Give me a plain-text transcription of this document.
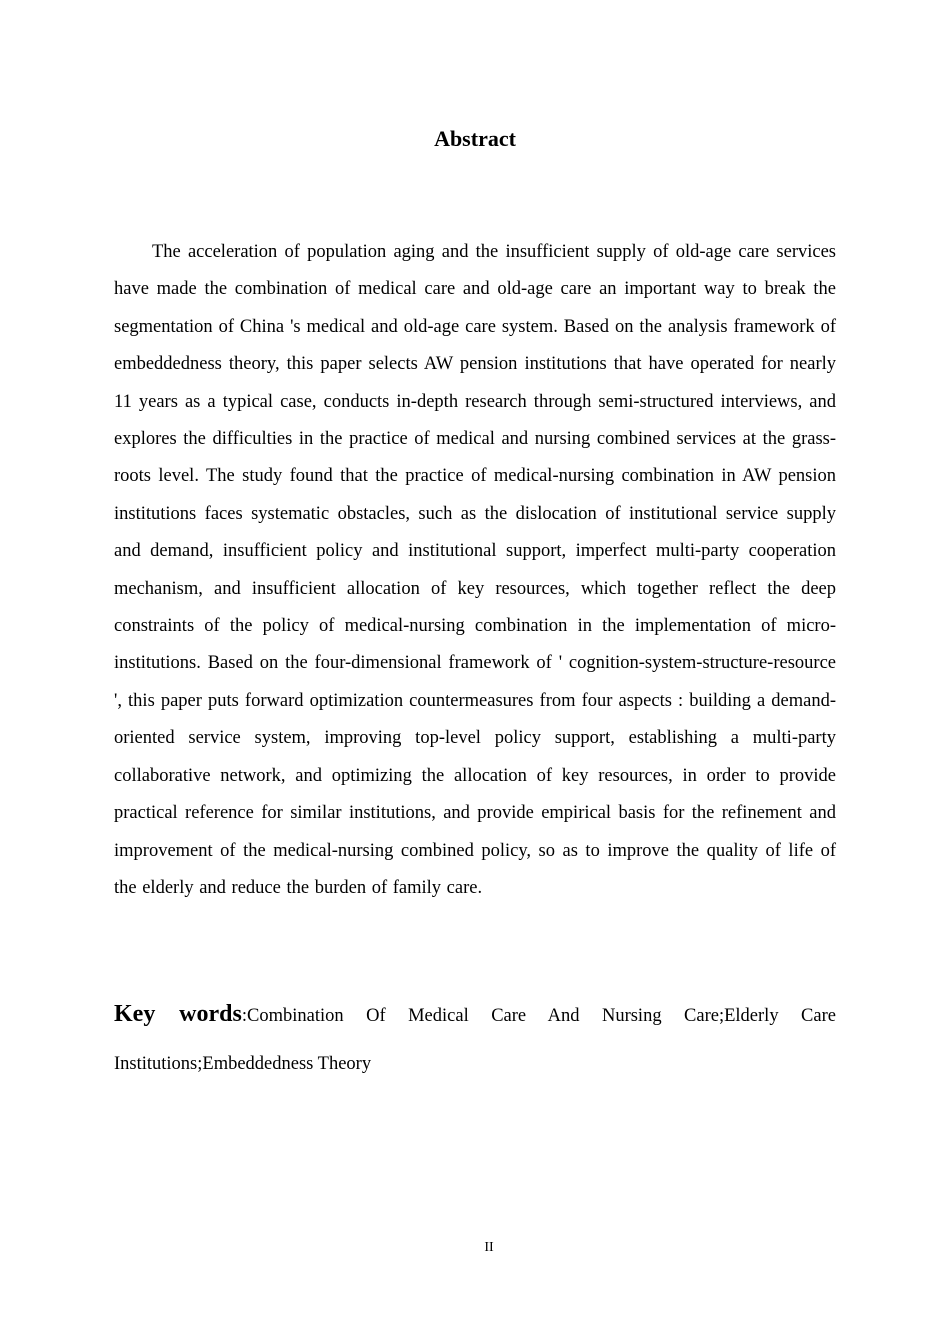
Abstract

The acceleration of population aging and the insufficient supply of old-age care services have made the combination of medical care and old-age care an important way to break the segmentation of China 's medical and old-age care system. Based on the analysis framework of embeddedness theory, this paper selects AW pension institutions that have operated for nearly 11 years as a typical case, conducts in-depth research through semi-structured interviews, and explores the difficulties in the practice of medical and nursing combined services at the grass-roots level. The study found that the practice of medical-nursing combination in AW pension institutions faces systematic obstacles, such as the dislocation of institutional service supply and demand, insufficient policy and institutional support, imperfect multi-party cooperation mechanism, and insufficient allocation of key resources, which together reflect the deep constraints of the policy of medical-nursing combination in the implementation of micro-institutions. Based on the four-dimensional framework of ' cognition-system-structure-resource ', this paper puts forward optimization countermeasures from four aspects : building a demand-oriented service system, improving top-level policy support, establishing a multi-party collaborative network, and optimizing the allocation of key resources, in order to provide practical reference for similar institutions, and provide empirical basis for the refinement and improvement of the medical-nursing combined policy, so as to improve the quality of life of the elderly and reduce the burden of family care.

Key words:Combination Of Medical Care And Nursing Care;Elderly Care Institutions;Embeddedness Theory

II
